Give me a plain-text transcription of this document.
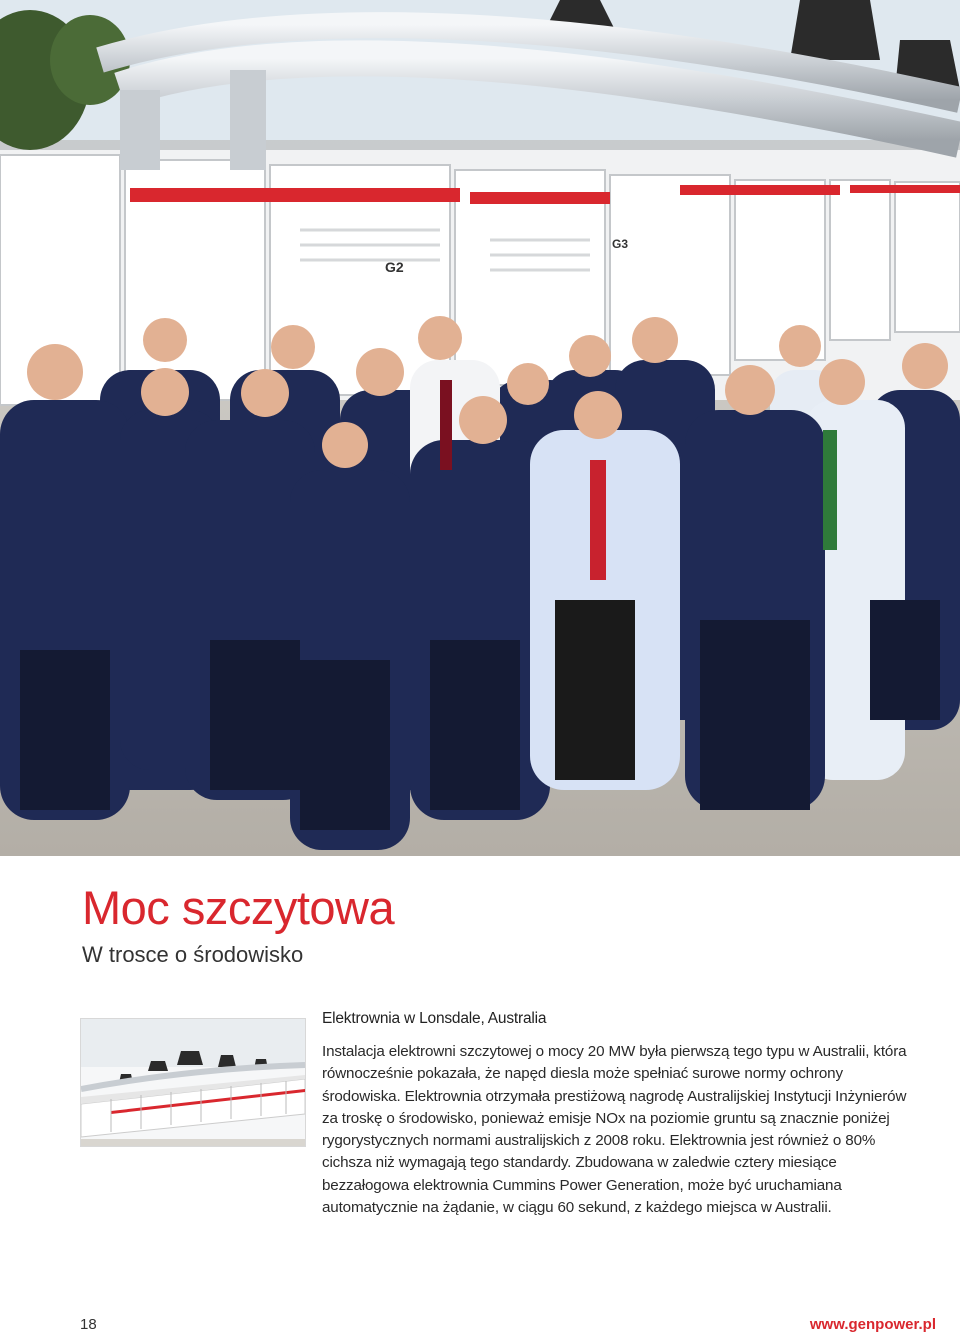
G2
G3
Moc szczytowa
W trosce o środowisko
Elektrownia w Lonsdale, Australia

Instalacja elektrowni szczytowej o mocy 20 MW była pierwszą tego typu w Australii, która równocześnie pokazała, że napęd diesla może spełniać surowe normy ochrony środowiska. Elektrownia otrzymała prestiżową nagrodę Australijskiej Instytucji Inżynierów za troskę o środowisko, ponieważ emisje NOx na poziomie gruntu są znacznie poniżej rygorystycznych normami australijskich z 2008 roku. Elektrownia jest również o 80% cichsza niż wymagają tego standardy. Zbudowana w zaledwie cztery miesiące bezzałogowa elektrownia Cummins Power Generation, może być uruchamiana automatycznie na żądanie, w ciągu 60 sekund, z każdego miejsca w Australii.

18	www.genpower.pl
